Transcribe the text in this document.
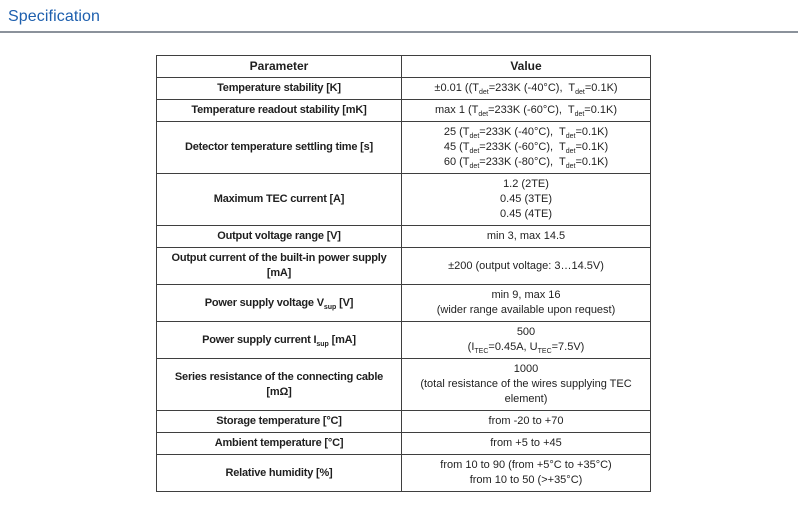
Specification
Parameter	Value
Temperature stability [K]	±0.01 (($T_{det}=233K$ (-40°C),  $T_{det}=0.1K$)
Temperature readout stability [mK]	max 1 ($T_{det}=233K$ (-60°C),  $T_{det}=0.1K$)
Detector temperature settling time [s]	25 ($T_{det}=233K$ (-40°C),  $T_{det}=0.1K$)
45 ($T_{det}=233K$ (-60°C),  $T_{det}=0.1K$)
60 ($T_{det}=233K$ (-80°C),  $T_{det}=0.1K$)
Maximum TEC current [A]	1.2 (2TE)
0.45 (3TE)
0.45 (4TE)
Output voltage range [V]	min 3, max 14.5
Output current of the built-in power supply [mA]	±200 (output voltage: 3…14.5V)
Power supply voltage $V_{sup}$ [V]	min 9, max 16
(wider range available upon request)
Power supply current $I_{sup}$ [mA]	500
($I_{TEC}=0.45A$, $U_{TEC}=7.5V$)
Series resistance of the connecting cable [mΩ]	1000
(total resistance of the wires supplying TEC element)
Storage temperature [°C]	from -20 to +70
Ambient temperature [°C]	from +5 to +45
Relative humidity [%]	from 10 to 90 (from +5°C to +35°C)
from 10 to 50 (>+35°C)
